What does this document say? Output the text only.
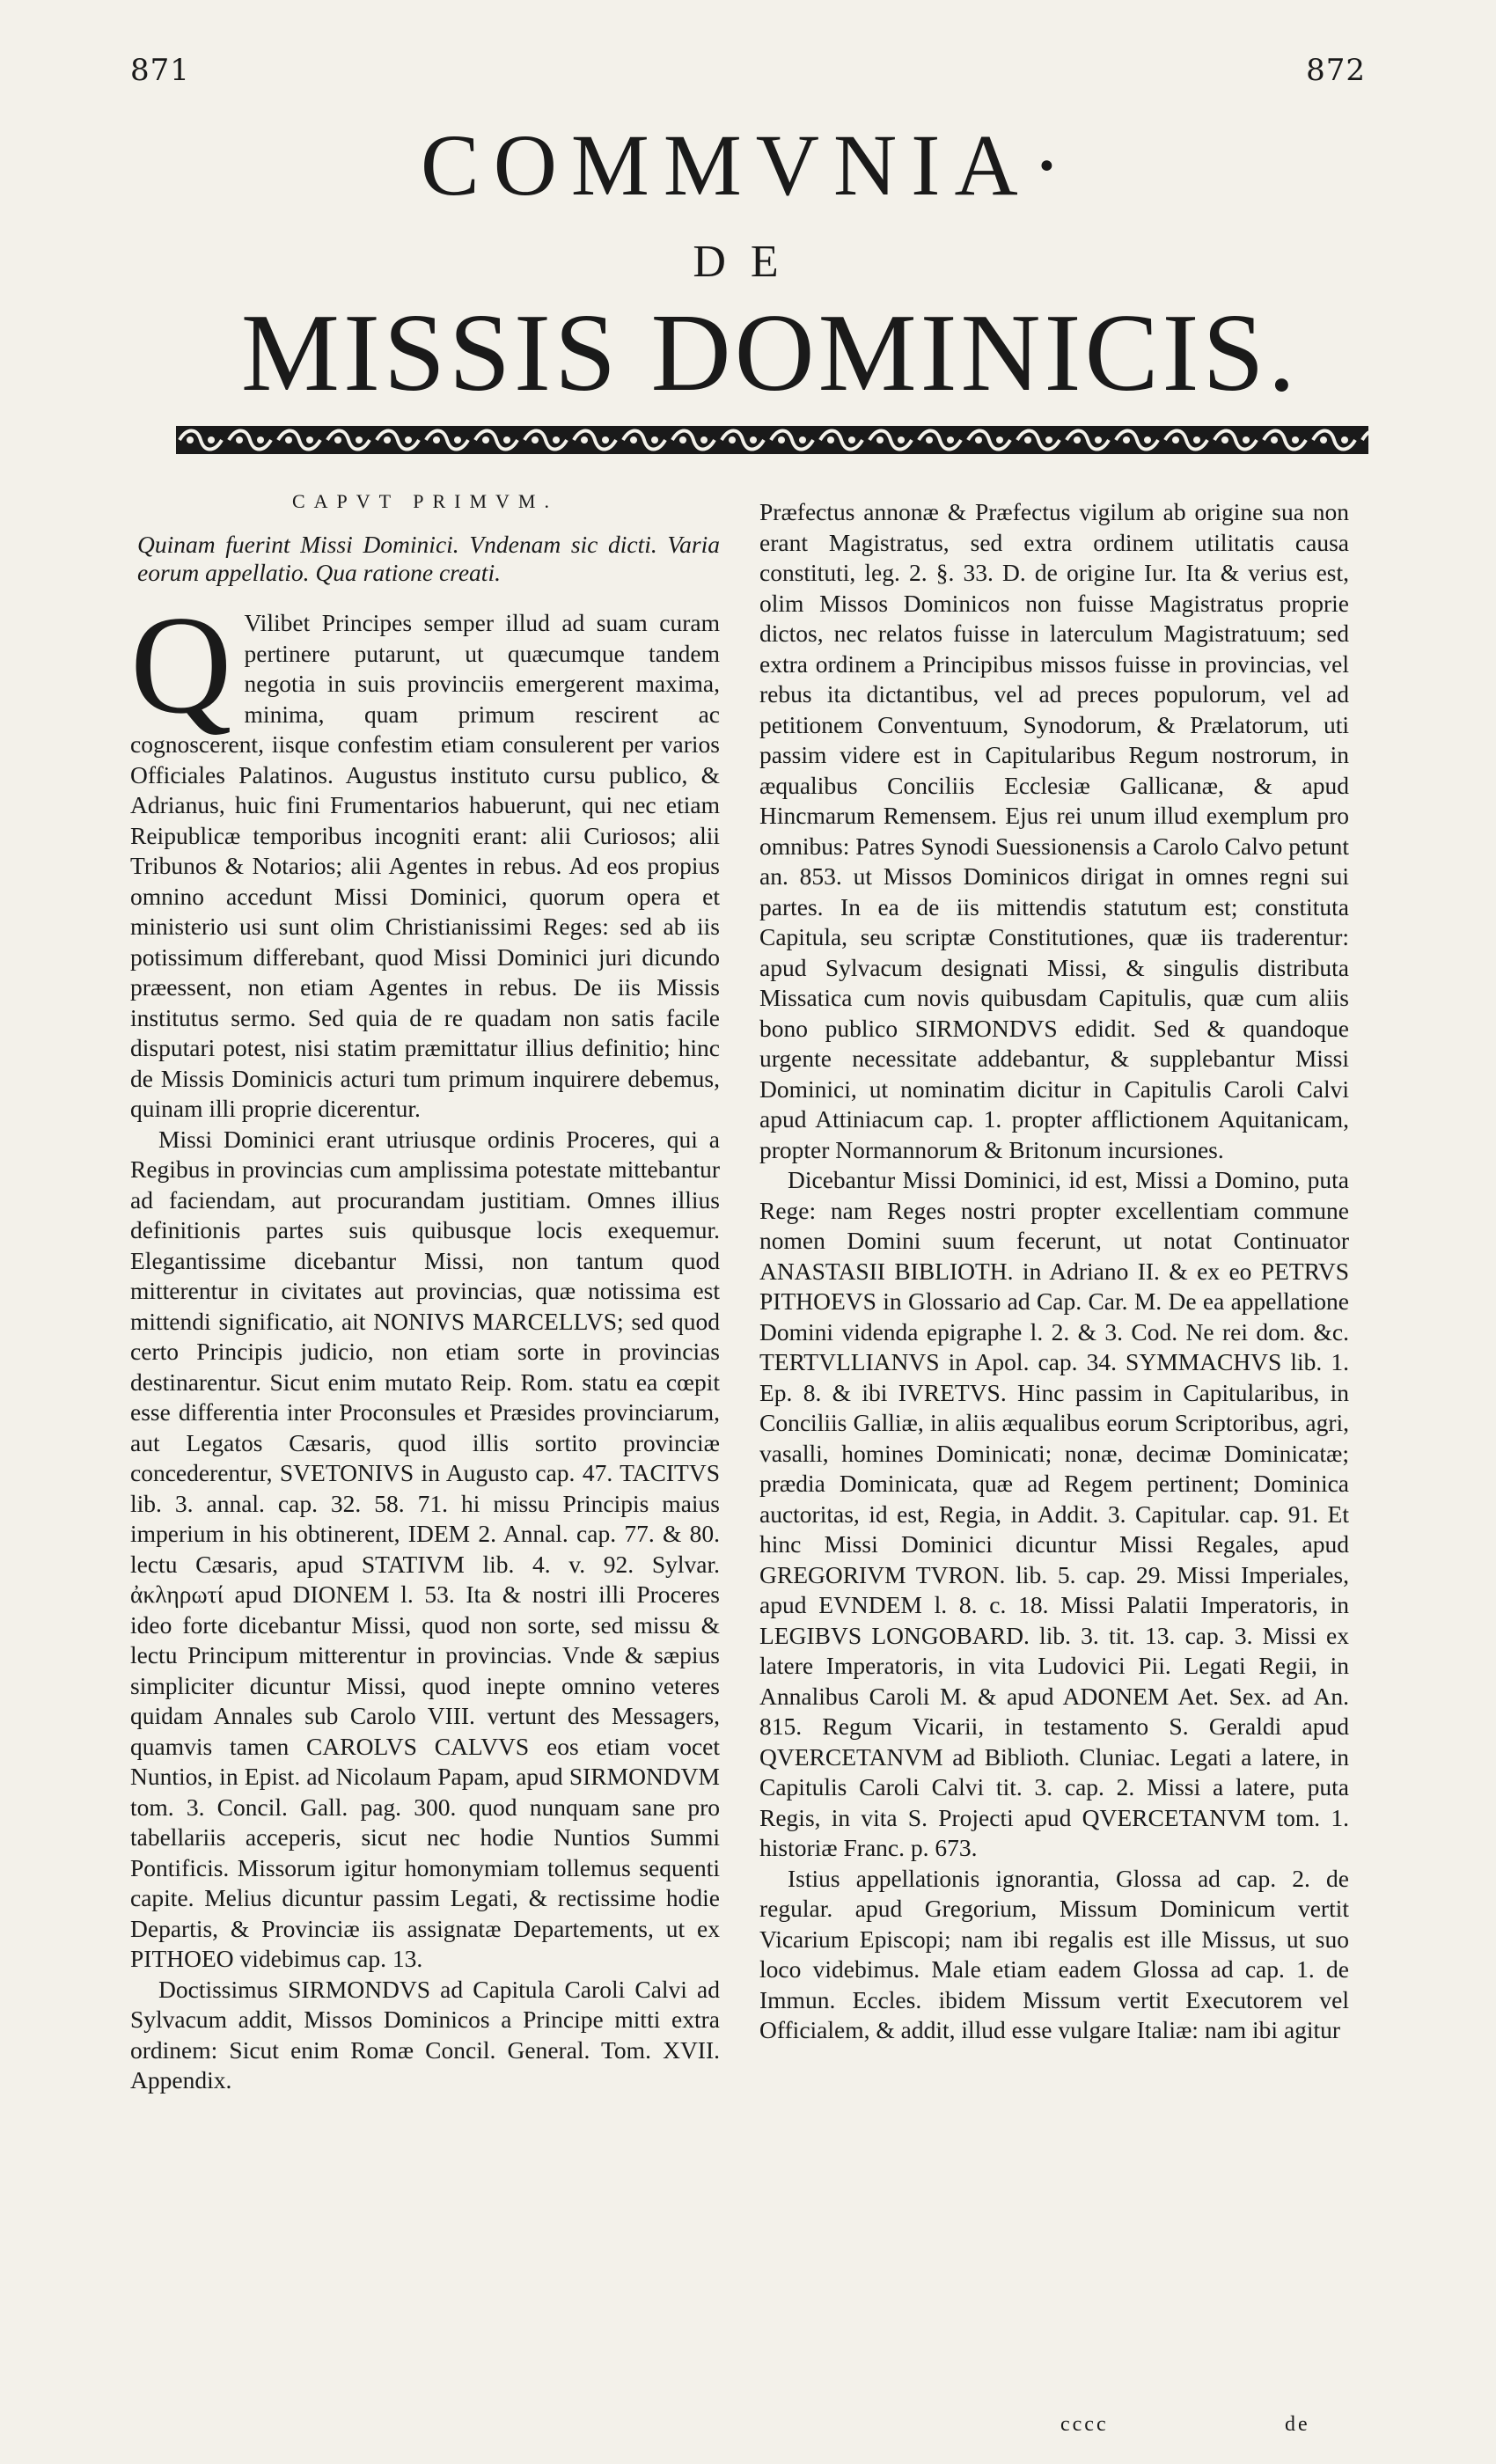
871	872
COMMVNIA·
DE
MISSIS DOMINICIS.
CAPVT PRIMVM.
Quinam fuerint Missi Dominici. Vndenam sic dicti. Varia eorum appellatio. Qua ratione creati.
Q Vilibet Principes semper illud ad suam curam pertinere putarunt, ut quæcumque tandem negotia in suis provinciis emergerent maxima, minima, quam primum rescirent ac cognoscerent, iisque confestim etiam consulerent per varios Officiales Palatinos. Augustus instituto cursu publico, & Adrianus, huic fini Frumentarios habuerunt, qui nec etiam Reipublicæ temporibus incogniti erant: alii Curiosos; alii Tribunos & Notarios; alii Agentes in rebus. Ad eos propius omnino accedunt Missi Dominici, quorum opera et ministerio usi sunt olim Christianissimi Reges: sed ab iis potissimum differebant, quod Missi Dominici juri dicundo præessent, non etiam Agentes in rebus. De iis Missis institutus sermo. Sed quia de re quadam non satis facile disputari potest, nisi statim præmittatur illius definitio; hinc de Missis Dominicis acturi tum primum inquirere debemus, quinam illi proprie dicerentur.

Missi Dominici erant utriusque ordinis Proceres, qui a Regibus in provincias cum amplissima potestate mittebantur ad faciendam, aut procurandam justitiam. Omnes illius definitionis partes suis quibusque locis exequemur. Elegantissime dicebantur Missi, non tantum quod mitterentur in civitates aut provincias, quæ notissima est mittendi significatio, ait NONIVS MARCELLVS; sed quod certo Principis judicio, non etiam sorte in provincias destinarentur. Sicut enim mutato Reip. Rom. statu ea cœpit esse differentia inter Proconsules et Præsides provinciarum, aut Legatos Cæsaris, quod illis sortito provinciæ concederentur, SVETONIVS in Augusto cap. 47. TACITVS lib. 3. annal. cap. 32. 58. 71. hi missu Principis maius imperium in his obtinerent, IDEM 2. Annal. cap. 77. & 80. lectu Cæsaris, apud STATIVM lib. 4. v. 92. Sylvar. ἀκληρωτί apud DIONEM l. 53. Ita & nostri illi Proceres ideo forte dicebantur Missi, quod non sorte, sed missu & lectu Principum mitterentur in provincias. Vnde & sæpius simpliciter dicuntur Missi, quod inepte omnino veteres quidam Annales sub Carolo VIII. vertunt des Messagers, quamvis tamen CAROLVS CALVVS eos etiam vocet Nuntios, in Epist. ad Nicolaum Papam, apud SIRMONDVM tom. 3. Concil. Gall. pag. 300. quod nunquam sane pro tabellariis acceperis, sicut nec hodie Nuntios Summi Pontificis. Missorum igitur homonymiam tollemus sequenti capite. Melius dicuntur passim Legati, & rectissime hodie Departis, & Provinciæ iis assignatæ Departements, ut ex PITHOEO videbimus cap. 13.

Doctissimus SIRMONDVS ad Capitula Caroli Calvi ad Sylvacum addit, Missos Dominicos a Principe mitti extra ordinem: Sicut enim Romæ Concil. General. Tom. XVII. Appendix.

Præfectus annonæ & Præfectus vigilum ab origine sua non erant Magistratus, sed extra ordinem utilitatis causa constituti, leg. 2. §. 33. D. de origine Iur. Ita & verius est, olim Missos Dominicos non fuisse Magistratus proprie dictos, nec relatos fuisse in laterculum Magistratuum; sed extra ordinem a Principibus missos fuisse in provincias, vel rebus ita dictantibus, vel ad preces populorum, vel ad petitionem Conventuum, Synodorum, & Prælatorum, uti passim videre est in Capitularibus Regum nostrorum, in æqualibus Conciliis Ecclesiæ Gallicanæ, & apud Hincmarum Remensem. Ejus rei unum illud exemplum pro omnibus: Patres Synodi Suessionensis a Carolo Calvo petunt an. 853. ut Missos Dominicos dirigat in omnes regni sui partes. In ea de iis mittendis statutum est; constituta Capitula, seu scriptæ Constitutiones, quæ iis traderentur: apud Sylvacum designati Missi, & singulis distributa Missatica cum novis quibusdam Capitulis, quæ cum aliis bono publico SIRMONDVS edidit. Sed & quandoque urgente necessitate addebantur, & supplebantur Missi Dominici, ut nominatim dicitur in Capitulis Caroli Calvi apud Attiniacum cap. 1. propter afflictionem Aquitanicam, propter Normannorum & Britonum incursiones.

Dicebantur Missi Dominici, id est, Missi a Domino, puta Rege: nam Reges nostri propter excellentiam commune nomen Domini suum fecerunt, ut notat Continuator ANASTASII BIBLIOTH. in Adriano II. & ex eo PETRVS PITHOEVS in Glossario ad Cap. Car. M. De ea appellatione Domini videnda epigraphe l. 2. & 3. Cod. Ne rei dom. &c. TERTVLLIANVS in Apol. cap. 34. SYMMACHVS lib. 1. Ep. 8. & ibi IVRETVS. Hinc passim in Capitularibus, in Conciliis Galliæ, in aliis æqualibus eorum Scriptoribus, agri, vasalli, homines Dominicati; nonæ, decimæ Dominicatæ; prædia Dominicata, quæ ad Regem pertinent; Dominica auctoritas, id est, Regia, in Addit. 3. Capitular. cap. 91. Et hinc Missi Dominici dicuntur Missi Regales, apud GREGORIVM TVRON. lib. 5. cap. 29. Missi Imperiales, apud EVNDEM l. 8. c. 18. Missi Palatii Imperatoris, in LEGIBVS LONGOBARD. lib. 3. tit. 13. cap. 3. Missi ex latere Imperatoris, in vita Ludovici Pii. Legati Regii, in Annalibus Caroli M. & apud ADONEM Aet. Sex. ad An. 815. Regum Vicarii, in testamento S. Geraldi apud QVERCETANVM ad Biblioth. Cluniac. Legati a latere, in Capitulis Caroli Calvi tit. 3. cap. 2. Missi a latere, puta Regis, in vita S. Projecti apud QVERCETANVM tom. 1. historiæ Franc. p. 673.

Istius appellationis ignorantia, Glossa ad cap. 2. de regular. apud Gregorium, Missum Dominicum vertit Vicarium Episcopi; nam ibi regalis est ille Missus, ut suo loco videbimus. Male etiam eadem Glossa ad cap. 1. de Immun. Eccles. ibidem Missum vertit Executorem vel Officialem, & addit, illud esse vulgare Italiæ: nam ibi agitur

cccc	de
